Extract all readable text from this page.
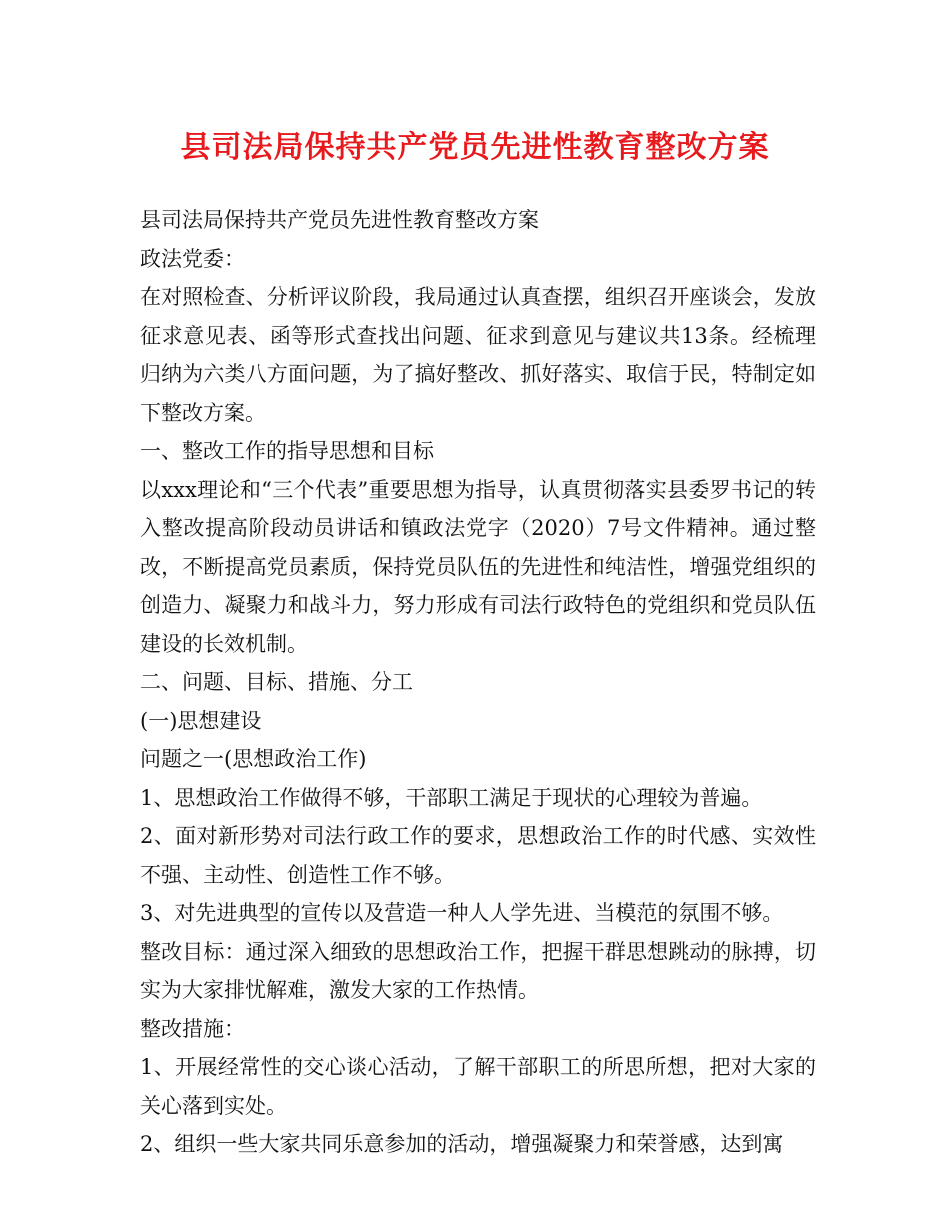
县司法局保持共产党员先进性教育整改方案

县司法局保持共产党员先进性教育整改方案

政法党委：

在对照检查、分析评议阶段，我局通过认真查摆，组织召开座谈会，发放征求意见表、函等形式查找出问题、征求到意见与建议共13条。经梳理归纳为六类八方面问题，为了搞好整改、抓好落实、取信于民，特制定如下整改方案。

一、整改工作的指导思想和目标

以xxx理论和“三个代表”重要思想为指导，认真贯彻落实县委罗书记的转入整改提高阶段动员讲话和镇政法党字（2020）7号文件精神。通过整改，不断提高党员素质，保持党员队伍的先进性和纯洁性，增强党组织的创造力、凝聚力和战斗力，努力形成有司法行政特色的党组织和党员队伍建设的长效机制。

二、问题、目标、措施、分工

(一)思想建设

问题之一(思想政治工作)

1、思想政治工作做得不够，干部职工满足于现状的心理较为普遍。

2、面对新形势对司法行政工作的要求，思想政治工作的时代感、实效性不强、主动性、创造性工作不够。

3、对先进典型的宣传以及营造一种人人学先进、当模范的氛围不够。

整改目标：通过深入细致的思想政治工作，把握干群思想跳动的脉搏，切实为大家排忧解难，激发大家的工作热情。

整改措施：

1、开展经常性的交心谈心活动，了解干部职工的所思所想，把对大家的关心落到实处。

2、组织一些大家共同乐意参加的活动，增强凝聚力和荣誉感，达到寓
